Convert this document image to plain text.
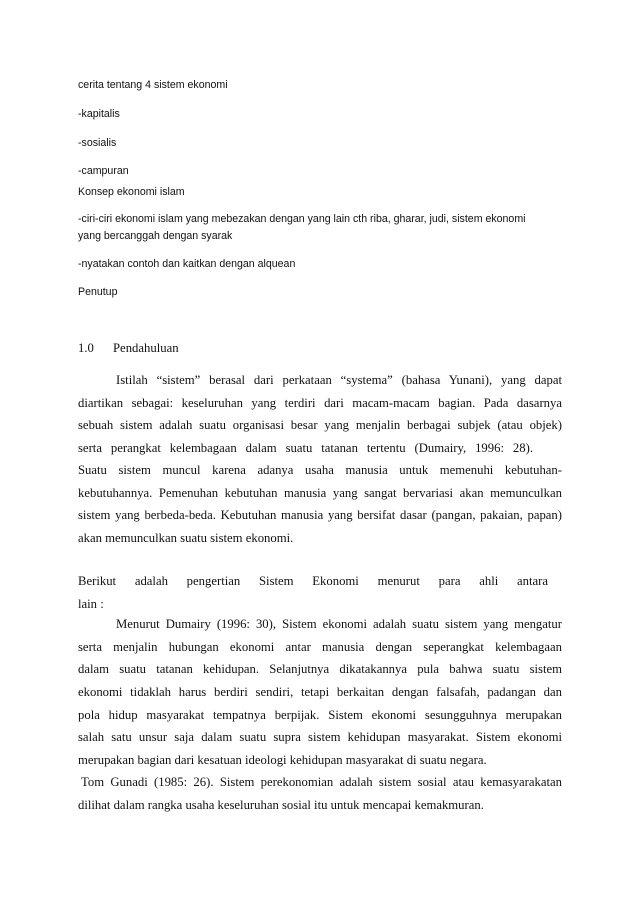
cerita tentang 4 sistem ekonomi
-kapitalis
-sosialis
-campuran
Konsep ekonomi islam
-ciri-ciri ekonomi islam yang mebezakan dengan yang lain cth riba, gharar, judi, sistem ekonomi
yang bercanggah dengan syarak
-nyatakan contoh dan kaitkan dengan alquean
Penutup
1.0 Pendahuluan
Istilah “sistem” berasal dari perkataan “systema” (bahasa Yunani), yang dapat
diartikan sebagai: keseluruhan yang terdiri dari macam-macam bagian. Pada dasarnya
sebuah sistem adalah suatu organisasi besar yang menjalin berbagai subjek (atau objek)
serta perangkat kelembagaan dalam suatu tatanan tertentu (Dumairy, 1996: 28).
Suatu sistem muncul karena adanya usaha manusia untuk memenuhi kebutuhan-
kebutuhannya. Pemenuhan kebutuhan manusia yang sangat bervariasi akan memunculkan
sistem yang berbeda-beda. Kebutuhan manusia yang bersifat dasar (pangan, pakaian, papan)
akan memunculkan suatu sistem ekonomi.
Berikut adalah pengertian Sistem Ekonomi menurut para ahli antara
lain :
Menurut Dumairy (1996: 30), Sistem ekonomi adalah suatu sistem yang mengatur
serta menjalin hubungan ekonomi antar manusia dengan seperangkat kelembagaan
dalam suatu tatanan kehidupan. Selanjutnya dikatakannya pula bahwa suatu sistem
ekonomi tidaklah harus berdiri sendiri, tetapi berkaitan dengan falsafah, padangan dan
pola hidup masyarakat tempatnya berpijak. Sistem ekonomi sesungguhnya merupakan
salah satu unsur saja dalam suatu supra sistem kehidupan masyarakat. Sistem ekonomi
merupakan bagian dari kesatuan ideologi kehidupan masyarakat di suatu negara.
Tom Gunadi (1985: 26). Sistem perekonomian adalah sistem sosial atau kemasyarakatan
dilihat dalam rangka usaha keseluruhan sosial itu untuk mencapai kemakmuran.
